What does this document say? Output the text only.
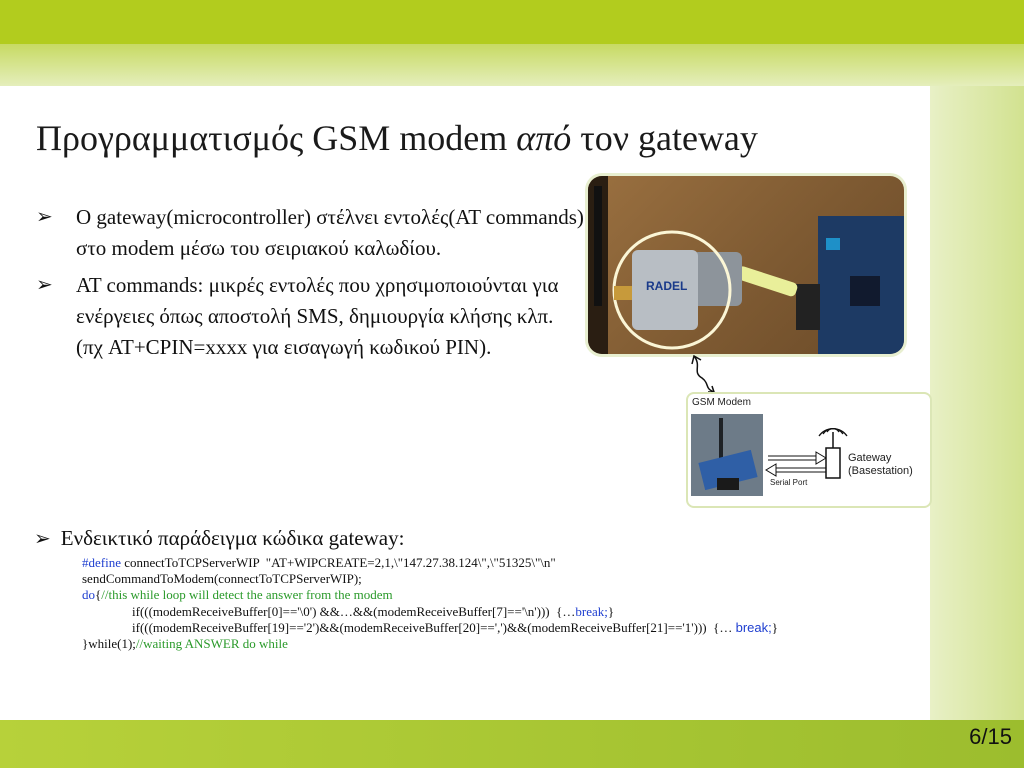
Προγραμματισμός GSM modem από τον gateway
➢ Ο gateway(microcontroller) στέλνει εντολές(AT commands) στο modem μέσω του σειριακού καλωδίου.
➢ AT commands: μικρές εντολές που χρησιμοποιούνται για ενέργειες όπως αποστολή SMS, δημιουργία κλήσης κλπ. (πχ AT+CPIN=xxxx για εισαγωγή κωδικού PIN).
RADEL
GSM Modem
Serial Port
Gateway
(Basestation)
➢ Ενδεικτικό παράδειγμα κώδικα gateway:
#define connectToTCPServerWIP  "AT+WIPCREATE=2,1,\"147.27.38.124\",\"51325\"\n"
sendCommandToModem(connectToTCPServerWIP);
do{//this while loop will detect the answer from the modem
if(((modemReceiveBuffer[0]=='\0') &&…&&(modemReceiveBuffer[7]=='\n')))  {…break;}
if(((modemReceiveBuffer[19]=='2')&&(modemReceiveBuffer[20]==',')&&(modemReceiveBuffer[21]=='1')))  {… break;}
}while(1);//waiting ANSWER do while
6/15
